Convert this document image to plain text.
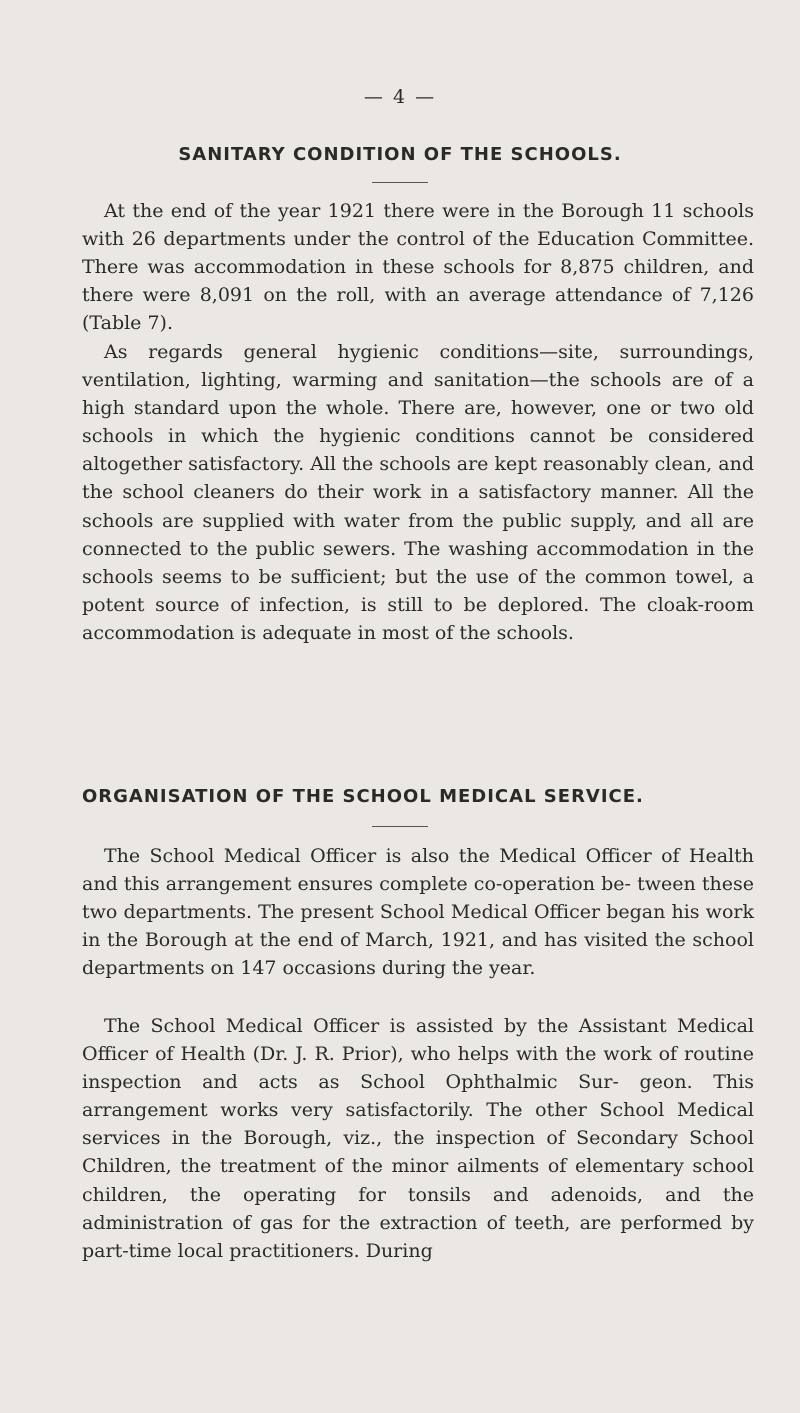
— 4 —
SANITARY CONDITION OF THE SCHOOLS.

At the end of the year 1921 there were in the Borough 11 schools with 26 departments under the control of the Education Committee. There was accommodation in these schools for 8,875 children, and there were 8,091 on the roll, with an average attendance of 7,126 (Table 7).

As regards general hygienic conditions—site, surroundings, ventilation, lighting, warming and sanitation—the schools are of a high standard upon the whole. There are, however, one or two old schools in which the hygienic conditions cannot be considered altogether satisfactory. All the schools are kept reasonably clean, and the school cleaners do their work in a satisfactory manner. All the schools are supplied with water from the public supply, and all are connected to the public sewers. The washing accommodation in the schools seems to be sufficient; but the use of the common towel, a potent source of infection, is still to be deplored. The cloak-room accommodation is adequate in most of the schools.

ORGANISATION OF THE SCHOOL MEDICAL SERVICE.

The School Medical Officer is also the Medical Officer of Health and this arrangement ensures complete co-operation be- tween these two departments. The present School Medical Officer began his work in the Borough at the end of March, 1921, and has visited the school departments on 147 occasions during the year.

The School Medical Officer is assisted by the Assistant Medical Officer of Health (Dr. J. R. Prior), who helps with the work of routine inspection and acts as School Ophthalmic Sur- geon. This arrangement works very satisfactorily. The other School Medical services in the Borough, viz., the inspection of Secondary School Children, the treatment of the minor ailments of elementary school children, the operating for tonsils and adenoids, and the administration of gas for the extraction of teeth, are performed by part-time local practitioners. During
